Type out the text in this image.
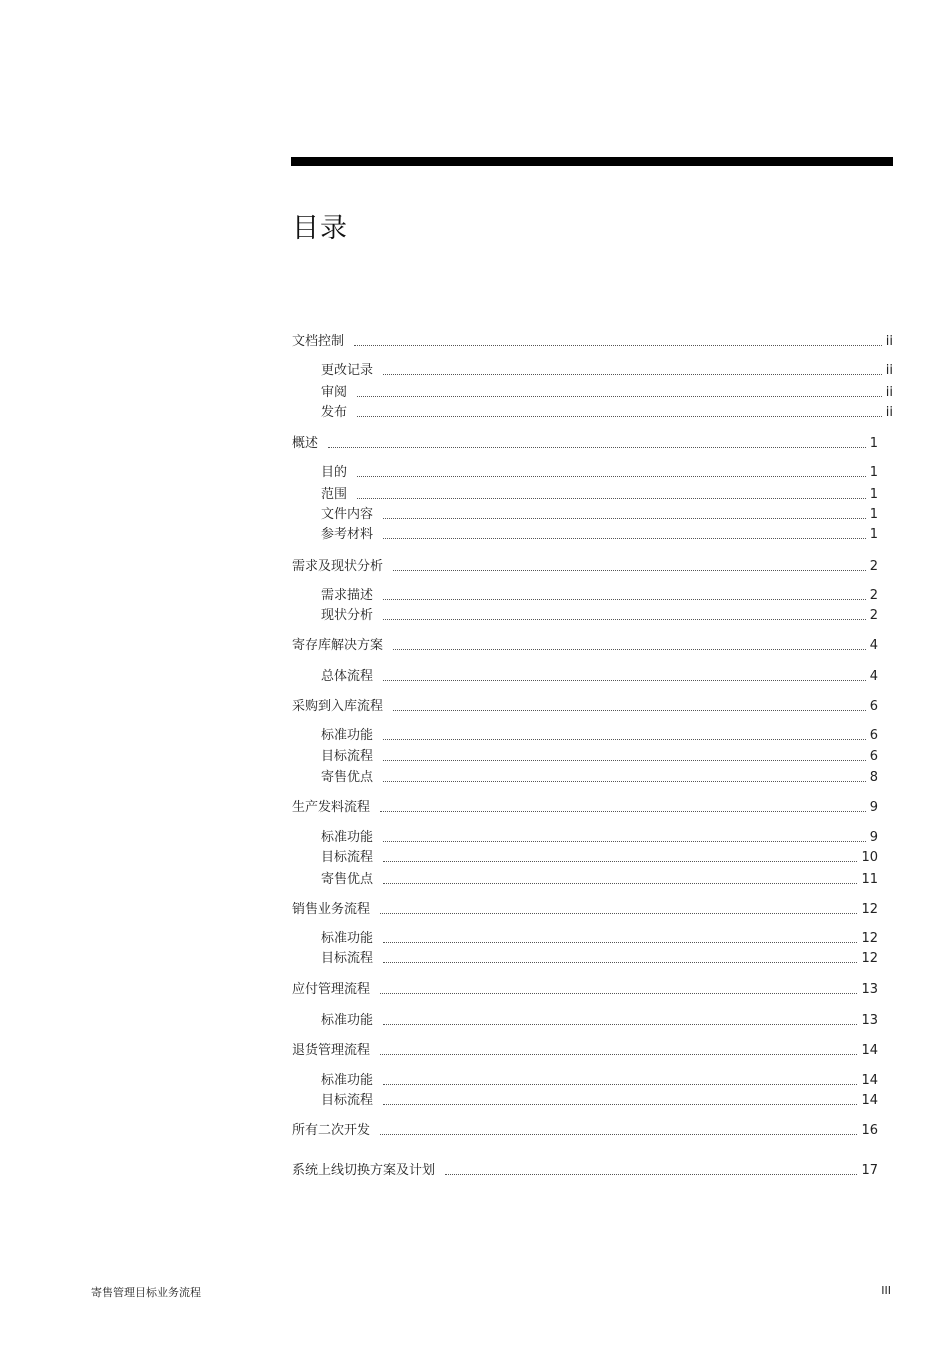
目录
文档控制	ii
更改记录	ii
审阅	ii
发布	ii
概述	1
目的	1
范围	1
文件内容	1
参考材料	1
需求及现状分析	2
需求描述	2
现状分析	2
寄存库解决方案	4
总体流程	4
采购到入库流程	6
标准功能	6
目标流程	6
寄售优点	8
生产发料流程	9
标准功能	9
目标流程	10
寄售优点	11
销售业务流程	12
标准功能	12
目标流程	12
应付管理流程	13
标准功能	13
退货管理流程	14
标准功能	14
目标流程	14
所有二次开发	16
系统上线切换方案及计划	17
寄售管理目标业务流程	III
